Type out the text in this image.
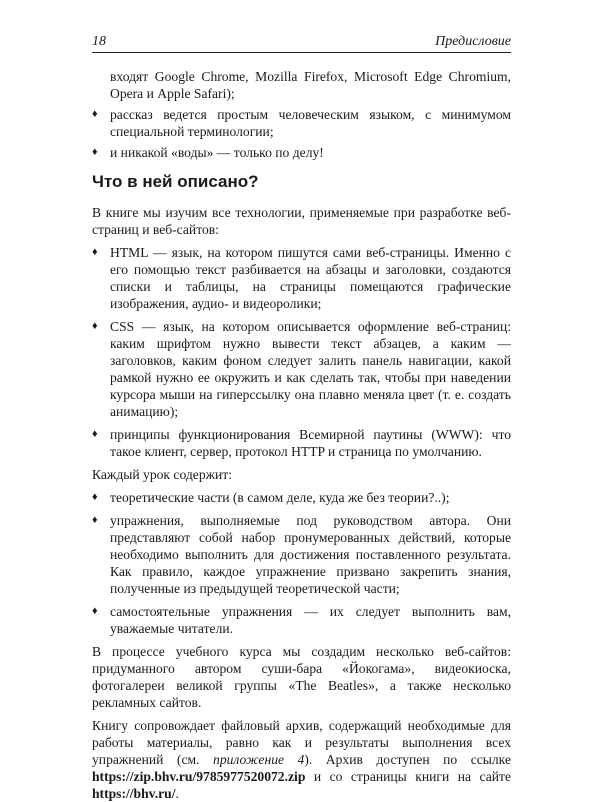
18	Предисловие

входят Google Chrome, Mozilla Firefox, Microsoft Edge Chromium, Opera и Apple Safari);

♦ рассказ ведется простым человеческим языком, с минимумом специальной терминологии;

♦ и никакой «воды» — только по делу!

Что в ней описано?

В книге мы изучим все технологии, применяемые при разработке веб-страниц и веб-сайтов:

♦ HTML — язык, на котором пишутся сами веб-страницы. Именно с его помощью текст разбивается на абзацы и заголовки, создаются списки и таблицы, на страницы помещаются графические изображения, аудио- и видеоролики;

♦ CSS — язык, на котором описывается оформление веб-страниц: каким шрифтом нужно вывести текст абзацев, а каким — заголовков, каким фоном следует залить панель навигации, какой рамкой нужно ее окружить и как сделать так, чтобы при наведении курсора мыши на гиперссылку она плавно меняла цвет (т. е. создать анимацию);

♦ принципы функционирования Всемирной паутины (WWW): что такое клиент, сервер, протокол HTTP и страница по умолчанию.

Каждый урок содержит:

♦ теоретические части (в самом деле, куда же без теории?..);

♦ упражнения, выполняемые под руководством автора. Они представляют собой набор пронумерованных действий, которые необходимо выполнить для достижения поставленного результата. Как правило, каждое упражнение призвано закрепить знания, полученные из предыдущей теоретической части;

♦ самостоятельные упражнения — их следует выполнить вам, уважаемые читатели.

В процессе учебного курса мы создадим несколько веб-сайтов: придуманного автором суши-бара «Йокогама», видеокиоска, фотогалереи великой группы «The Beatles», а также несколько рекламных сайтов.

Книгу сопровождает файловый архив, содержащий необходимые для работы материалы, равно как и результаты выполнения всех упражнений (см. приложение 4). Архив доступен по ссылке https://zip.bhv.ru/9785977520072.zip и со страницы книги на сайте https://bhv.ru/.
